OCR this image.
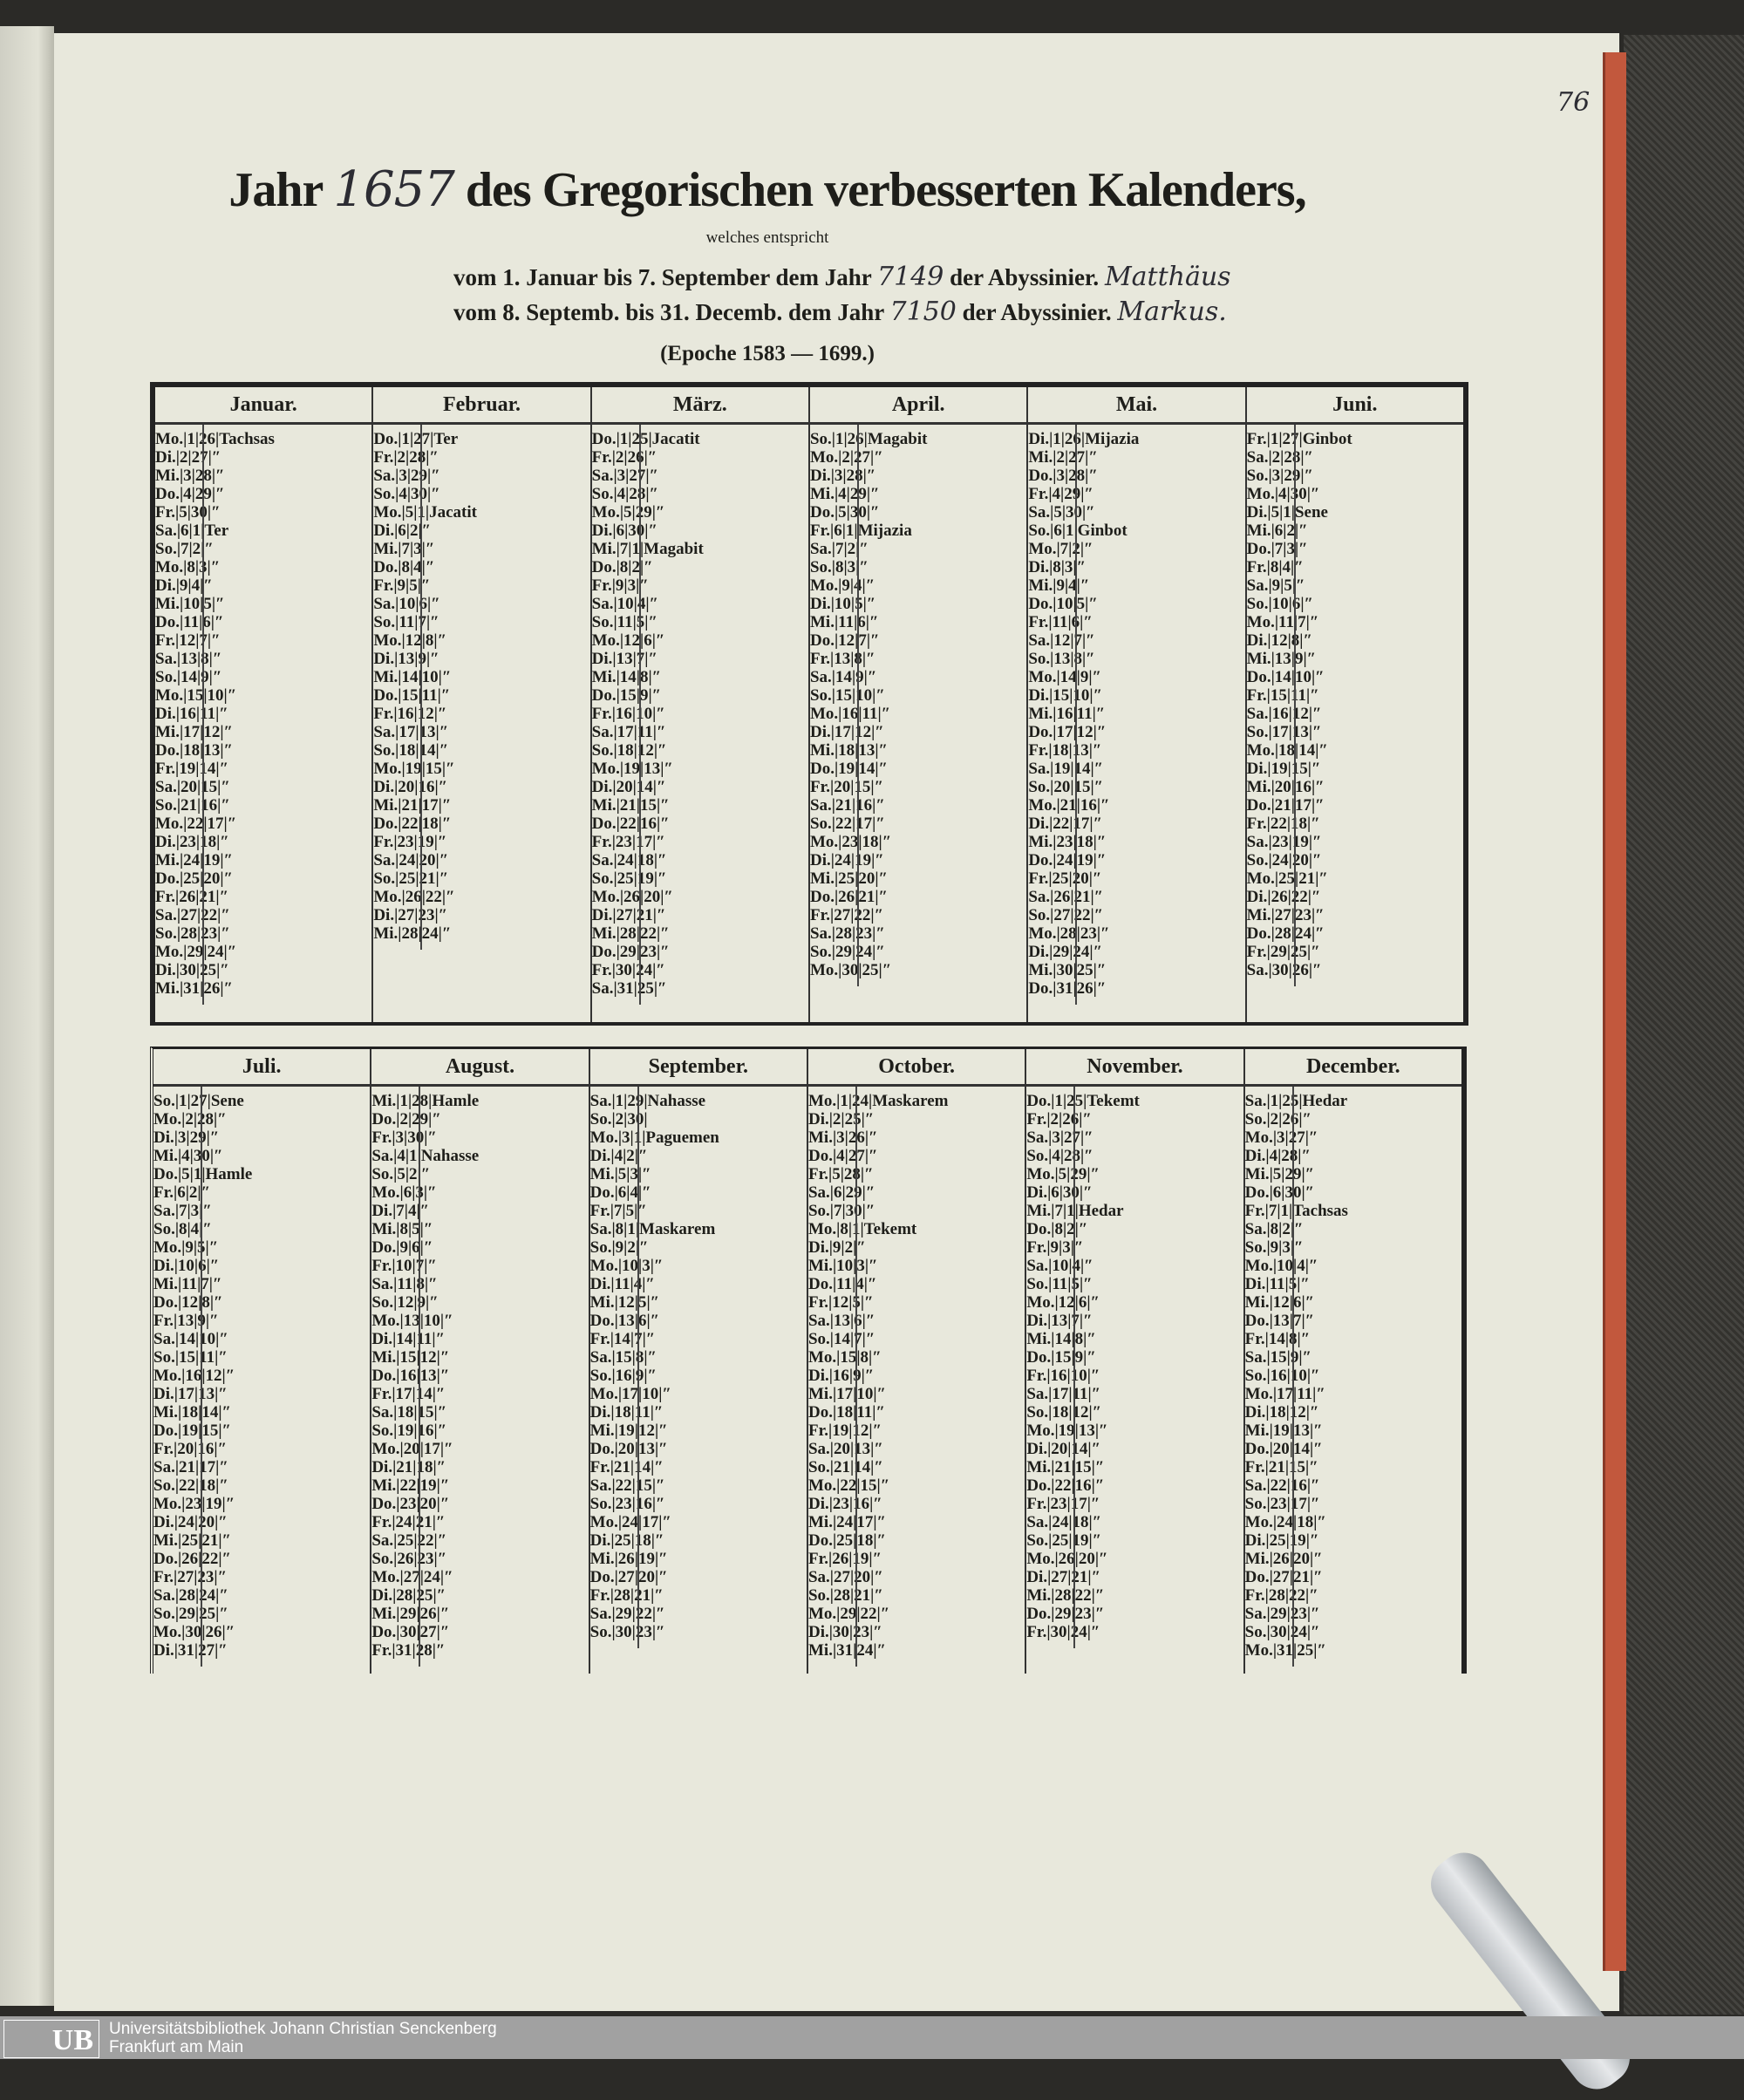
76
Jahr 1657 des Gregorischen verbesserten Kalenders,
welches entspricht
vom 1. Januar bis 7. September dem Jahr 7149 der Abyssinier. Matthäus
vom 8. Septemb. bis 31. Decemb. dem Jahr 7150 der Abyssinier. Markus.
(Epoche 1583 — 1699.)
Januar.
Mo.|1|26|Tachsas
Di.|2|27|″
Mi.|3|28|″
Do.|4|29|″
Fr.|5|30|″
Sa.|6|1|Ter
So.|7|2|″
Mo.|8|3|″
Di.|9|4|″
Mi.|10|5|″
Do.|11|6|″
Fr.|12|7|″
Sa.|13|8|″
So.|14|9|″
Mo.|15|10|″
Di.|16|11|″
Mi.|17|12|″
Do.|18|13|″
Fr.|19|14|″
Sa.|20|15|″
So.|21|16|″
Mo.|22|17|″
Di.|23|18|″
Mi.|24|19|″
Do.|25|20|″
Fr.|26|21|″
Sa.|27|22|″
So.|28|23|″
Mo.|29|24|″
Di.|30|25|″
Mi.|31|26|″
Februar.
Do.|1|27|Ter
Fr.|2|28|″
Sa.|3|29|″
So.|4|30|″
Mo.|5|1|Jacatit
Di.|6|2|″
Mi.|7|3|″
Do.|8|4|″
Fr.|9|5|″
Sa.|10|6|″
So.|11|7|″
Mo.|12|8|″
Di.|13|9|″
Mi.|14|10|″
Do.|15|11|″
Fr.|16|12|″
Sa.|17|13|″
So.|18|14|″
Mo.|19|15|″
Di.|20|16|″
Mi.|21|17|″
Do.|22|18|″
Fr.|23|19|″
Sa.|24|20|″
So.|25|21|″
Mo.|26|22|″
Di.|27|23|″
Mi.|28|24|″
März.
Do.|1|25|Jacatit
Fr.|2|26|″
Sa.|3|27|″
So.|4|28|″
Mo.|5|29|″
Di.|6|30|″
Mi.|7|1|Magabit
Do.|8|2|″
Fr.|9|3|″
Sa.|10|4|″
So.|11|5|″
Mo.|12|6|″
Di.|13|7|″
Mi.|14|8|″
Do.|15|9|″
Fr.|16|10|″
Sa.|17|11|″
So.|18|12|″
Mo.|19|13|″
Di.|20|14|″
Mi.|21|15|″
Do.|22|16|″
Fr.|23|17|″
Sa.|24|18|″
So.|25|19|″
Mo.|26|20|″
Di.|27|21|″
Mi.|28|22|″
Do.|29|23|″
Fr.|30|24|″
Sa.|31|25|″
April.
So.|1|26|Magabit
Mo.|2|27|″
Di.|3|28|″
Mi.|4|29|″
Do.|5|30|″
Fr.|6|1|Mijazia
Sa.|7|2|″
So.|8|3|″
Mo.|9|4|″
Di.|10|5|″
Mi.|11|6|″
Do.|12|7|″
Fr.|13|8|″
Sa.|14|9|″
So.|15|10|″
Mo.|16|11|″
Di.|17|12|″
Mi.|18|13|″
Do.|19|14|″
Fr.|20|15|″
Sa.|21|16|″
So.|22|17|″
Mo.|23|18|″
Di.|24|19|″
Mi.|25|20|″
Do.|26|21|″
Fr.|27|22|″
Sa.|28|23|″
So.|29|24|″
Mo.|30|25|″
Mai.
Di.|1|26|Mijazia
Mi.|2|27|″
Do.|3|28|″
Fr.|4|29|″
Sa.|5|30|″
So.|6|1|Ginbot
Mo.|7|2|″
Di.|8|3|″
Mi.|9|4|″
Do.|10|5|″
Fr.|11|6|″
Sa.|12|7|″
So.|13|8|″
Mo.|14|9|″
Di.|15|10|″
Mi.|16|11|″
Do.|17|12|″
Fr.|18|13|″
Sa.|19|14|″
So.|20|15|″
Mo.|21|16|″
Di.|22|17|″
Mi.|23|18|″
Do.|24|19|″
Fr.|25|20|″
Sa.|26|21|″
So.|27|22|″
Mo.|28|23|″
Di.|29|24|″
Mi.|30|25|″
Do.|31|26|″
Juni.
Fr.|1|27|Ginbot
Sa.|2|28|″
So.|3|29|″
Mo.|4|30|″
Di.|5|1|Sene
Mi.|6|2|″
Do.|7|3|″
Fr.|8|4|″
Sa.|9|5|″
So.|10|6|″
Mo.|11|7|″
Di.|12|8|″
Mi.|13|9|″
Do.|14|10|″
Fr.|15|11|″
Sa.|16|12|″
So.|17|13|″
Mo.|18|14|″
Di.|19|15|″
Mi.|20|16|″
Do.|21|17|″
Fr.|22|18|″
Sa.|23|19|″
So.|24|20|″
Mo.|25|21|″
Di.|26|22|″
Mi.|27|23|″
Do.|28|24|″
Fr.|29|25|″
Sa.|30|26|″
Juli.
So.|1|27|Sene
Mo.|2|28|″
Di.|3|29|″
Mi.|4|30|″
Do.|5|1|Hamle
Fr.|6|2|″
Sa.|7|3|″
So.|8|4|″
Mo.|9|5|″
Di.|10|6|″
Mi.|11|7|″
Do.|12|8|″
Fr.|13|9|″
Sa.|14|10|″
So.|15|11|″
Mo.|16|12|″
Di.|17|13|″
Mi.|18|14|″
Do.|19|15|″
Fr.|20|16|″
Sa.|21|17|″
So.|22|18|″
Mo.|23|19|″
Di.|24|20|″
Mi.|25|21|″
Do.|26|22|″
Fr.|27|23|″
Sa.|28|24|″
So.|29|25|″
Mo.|30|26|″
Di.|31|27|″
August.
Mi.|1|28|Hamle
Do.|2|29|″
Fr.|3|30|″
Sa.|4|1|Nahasse
So.|5|2|″
Mo.|6|3|″
Di.|7|4|″
Mi.|8|5|″
Do.|9|6|″
Fr.|10|7|″
Sa.|11|8|″
So.|12|9|″
Mo.|13|10|″
Di.|14|11|″
Mi.|15|12|″
Do.|16|13|″
Fr.|17|14|″
Sa.|18|15|″
So.|19|16|″
Mo.|20|17|″
Di.|21|18|″
Mi.|22|19|″
Do.|23|20|″
Fr.|24|21|″
Sa.|25|22|″
So.|26|23|″
Mo.|27|24|″
Di.|28|25|″
Mi.|29|26|″
Do.|30|27|″
Fr.|31|28|″
September.
Sa.|1|29|Nahasse
So.|2|30|
Mo.|3|1|Paguemen
Di.|4|2|″
Mi.|5|3|″
Do.|6|4|″
Fr.|7|5|″
Sa.|8|1|Maskarem
So.|9|2|″
Mo.|10|3|″
Di.|11|4|″
Mi.|12|5|″
Do.|13|6|″
Fr.|14|7|″
Sa.|15|8|″
So.|16|9|″
Mo.|17|10|″
Di.|18|11|″
Mi.|19|12|″
Do.|20|13|″
Fr.|21|14|″
Sa.|22|15|″
So.|23|16|″
Mo.|24|17|″
Di.|25|18|″
Mi.|26|19|″
Do.|27|20|″
Fr.|28|21|″
Sa.|29|22|″
So.|30|23|″
October.
Mo.|1|24|Maskarem
Di.|2|25|″
Mi.|3|26|″
Do.|4|27|″
Fr.|5|28|″
Sa.|6|29|″
So.|7|30|″
Mo.|8|1|Tekemt
Di.|9|2|″
Mi.|10|3|″
Do.|11|4|″
Fr.|12|5|″
Sa.|13|6|″
So.|14|7|″
Mo.|15|8|″
Di.|16|9|″
Mi.|17|10|″
Do.|18|11|″
Fr.|19|12|″
Sa.|20|13|″
So.|21|14|″
Mo.|22|15|″
Di.|23|16|″
Mi.|24|17|″
Do.|25|18|″
Fr.|26|19|″
Sa.|27|20|″
So.|28|21|″
Mo.|29|22|″
Di.|30|23|″
Mi.|31|24|″
November.
Do.|1|25|Tekemt
Fr.|2|26|″
Sa.|3|27|″
So.|4|28|″
Mo.|5|29|″
Di.|6|30|″
Mi.|7|1|Hedar
Do.|8|2|″
Fr.|9|3|″
Sa.|10|4|″
So.|11|5|″
Mo.|12|6|″
Di.|13|7|″
Mi.|14|8|″
Do.|15|9|″
Fr.|16|10|″
Sa.|17|11|″
So.|18|12|″
Mo.|19|13|″
Di.|20|14|″
Mi.|21|15|″
Do.|22|16|″
Fr.|23|17|″
Sa.|24|18|″
So.|25|19|″
Mo.|26|20|″
Di.|27|21|″
Mi.|28|22|″
Do.|29|23|″
Fr.|30|24|″
December.
Sa.|1|25|Hedar
So.|2|26|″
Mo.|3|27|″
Di.|4|28|″
Mi.|5|29|″
Do.|6|30|″
Fr.|7|1|Tachsas
Sa.|8|2|″
So.|9|3|″
Mo.|10|4|″
Di.|11|5|″
Mi.|12|6|″
Do.|13|7|″
Fr.|14|8|″
Sa.|15|9|″
So.|16|10|″
Mo.|17|11|″
Di.|18|12|″
Mi.|19|13|″
Do.|20|14|″
Fr.|21|15|″
Sa.|22|16|″
So.|23|17|″
Mo.|24|18|″
Di.|25|19|″
Mi.|26|20|″
Do.|27|21|″
Fr.|28|22|″
Sa.|29|23|″
So.|30|24|″
Mo.|31|25|″
UB Universitätsbibliothek Johann Christian Senckenberg
Frankfurt am Main
